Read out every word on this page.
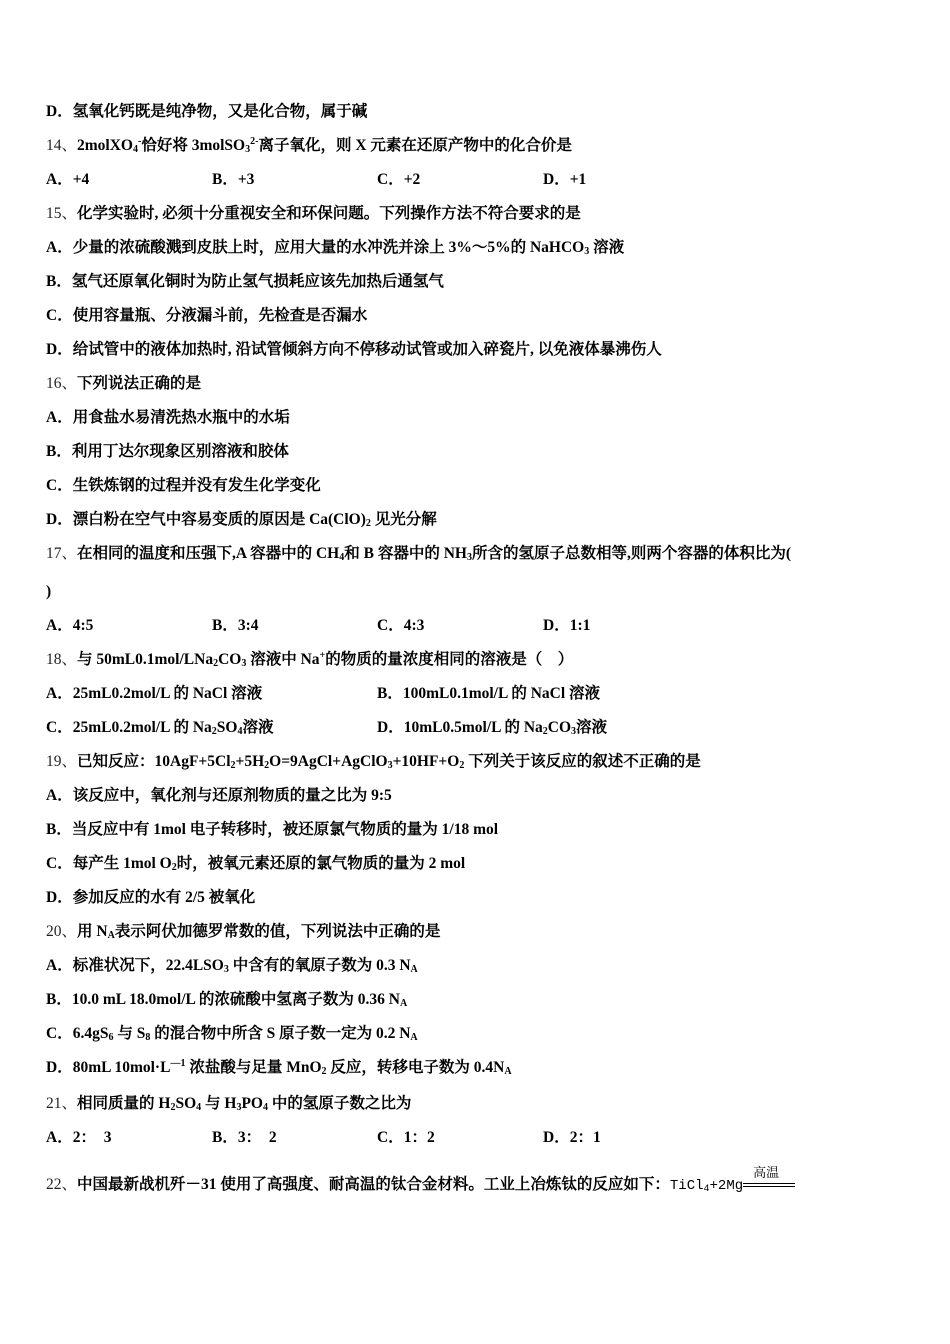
D．氢氧化钙既是纯净物，又是化合物，属于碱
14、2molXO$_4$-恰好将 3molSO$_3^{2-}$离子氧化，则 X 元素在还原产物中的化合价是
A．+4	B．+3	C．+2	D．+1
15、化学实验时, 必须十分重视安全和环保问题。下列操作方法不符合要求的是
A．少量的浓硫酸溅到皮肤上时，应用大量的水冲洗并涂上 3%～5%的 NaHCO$_3$ 溶液
B．氢气还原氧化铜时为防止氢气损耗应该先加热后通氢气
C．使用容量瓶、分液漏斗前，先检查是否漏水
D．给试管中的液体加热时, 沿试管倾斜方向不停移动试管或加入碎瓷片, 以免液体暴沸伤人
16、下列说法正确的是
A．用食盐水易清洗热水瓶中的水垢
B．利用丁达尔现象区别溶液和胶体
C．生铁炼钢的过程并没有发生化学变化
D．漂白粉在空气中容易变质的原因是 $Ca(ClO)_2$ 见光分解
17、在相同的温度和压强下,A 容器中的 $CH_4$和 B 容器中的 $NH_3$所含的氢原子总数相等,则两个容器的体积比为(
)
A．4:5	B．3:4	C．4:3	D．1:1
18、与 $50mL0.1mol/LNa_2CO_3$ 溶液中 Na+的物质的量浓度相同的溶液是（　）
A．25mL0.2mol/L 的 NaCl 溶液	B．100mL0.1mol/L 的 NaCl 溶液
C．25mL0.2mol/L 的 $Na_2SO_4$溶液	D．10mL0.5mol/L 的 $Na_2CO_3$溶液
19、已知反应：$10AgF+5Cl_2+5H_2O=9AgCl+AgClO_3+10HF+O_2$ 下列关于该反应的叙述不正确的是
A．该反应中，氧化剂与还原剂物质的量之比为 9:5
B．当反应中有 1mol 电子转移时，被还原氯气物质的量为 1/18 mol
C．每产生 1mol $O_2$时，被氧元素还原的氯气物质的量为 2 mol
D．参加反应的水有 2/5 被氧化
20、用 $N_A$表示阿伏加德罗常数的值，下列说法中正确的是
A．标准状况下，$22.4LSO_3$ 中含有的氧原子数为 0.3 $N_A$
B．10.0 mL 18.0mol/L 的浓硫酸中氢离子数为 0.36 $N_A$
C．$6.4gS_6$ 与 $S_8$ 的混合物中所含 S 原子数一定为 0.2 $N_A$
D．80mL $10mol\cdot L^{—1}$ 浓盐酸与足量 MnO$_2$ 反应，转移电子数为 $0.4N_A$
21、相同质量的 $H_2SO_4$ 与 $H_3PO_4$ 中的氢原子数之比为
A．2：  3	B．3：  2	C．1：2	D．2：1
22、中国最新战机歼－31 使用了高强度、耐高温的钛合金材料。工业上冶炼钛的反应如下：TiCl$_4$+2Mg
高温
